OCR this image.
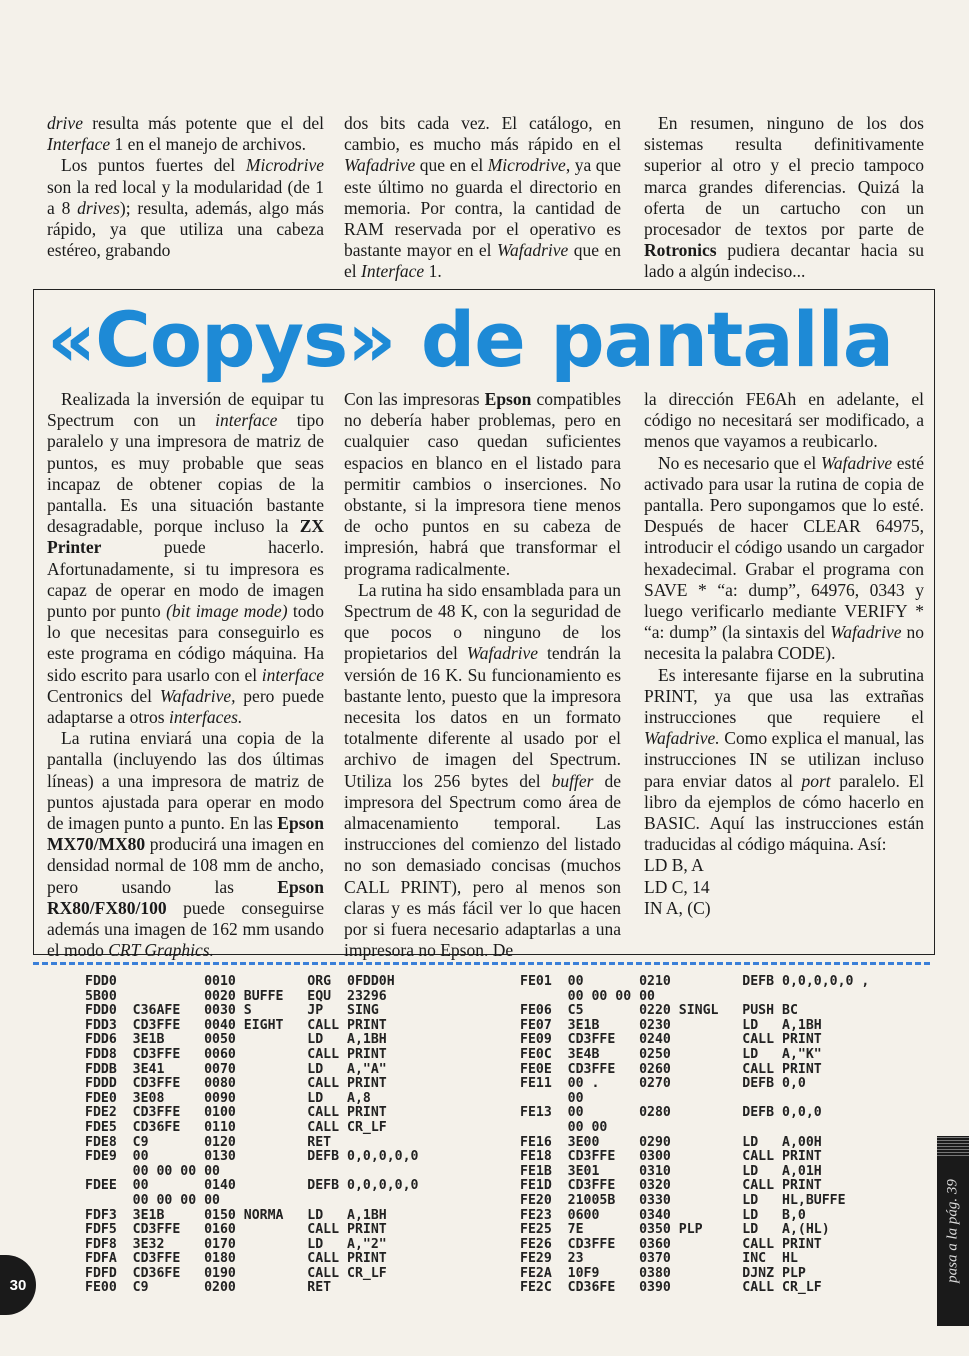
drive resulta más potente que el del Interface 1 en el manejo de archivos.

Los puntos fuertes del Microdrive son la red local y la modularidad (de 1 a 8 drives); resulta, además, algo más rápido, ya que utiliza una cabeza estéreo, grabando

dos bits cada vez. El catálogo, en cambio, es mucho más rápido en el Wafadrive que en el Microdrive, ya que este último no guarda el directorio en memoria. Por contra, la cantidad de RAM reservada por el operativo es bastante mayor en el Wafadrive que en el Interface 1.

En resumen, ninguno de los dos sistemas resulta definitivamente superior al otro y el precio tampoco marca grandes diferencias. Quizá la oferta de un cartucho con un procesador de textos por parte de Rotronics pudiera decantar hacia su lado a algún indeciso...

«Copys» de pantalla

Realizada la inversión de equipar tu Spectrum con un interface tipo paralelo y una impresora de matriz de puntos, es muy probable que seas incapaz de obtener copias de la pantalla. Es una situación bastante desagradable, porque incluso la ZX Printer puede hacerlo. Afortunadamente, si tu impresora es capaz de operar en modo de imagen punto por punto (bit image mode) todo lo que necesitas para conseguirlo es este programa en código máquina. Ha sido escrito para usarlo con el interface Centronics del Wafadrive, pero puede adaptarse a otros interfaces.

La rutina enviará una copia de la pantalla (incluyendo las dos últimas líneas) a una impresora de matriz de puntos ajustada para operar en modo de imagen punto a punto. En las Epson MX70/MX80 producirá una imagen en densidad normal de 108 mm de ancho, pero usando las Epson RX80/FX80/100 puede conseguirse además una imagen de 162 mm usando el modo CRT Graphics.

Con las impresoras Epson compatibles no debería haber problemas, pero en cualquier caso quedan suficientes espacios en blanco en el listado para permitir cambios o inserciones. No obstante, si la impresora tiene menos de ocho puntos en su cabeza de impresión, habrá que transformar el programa radicalmente.

La rutina ha sido ensamblada para un Spectrum de 48 K, con la seguridad de que pocos o ninguno de los propietarios del Wafadrive tendrán la versión de 16 K. Su funcionamiento es bastante lento, puesto que la impresora necesita los datos en un formato totalmente diferente al usado por el archivo de imagen del Spectrum. Utiliza los 256 bytes del buffer de impresora del Spectrum como área de almacenamiento temporal. Las instrucciones del comienzo del listado no son demasiado concisas (muchos CALL PRINT), pero al menos son claras y es más fácil ver lo que hacen por si fuera necesario adaptarlas a una impresora no Epson. De

la dirección FE6Ah en adelante, el código no necesitará ser modificado, a menos que vayamos a reubicarlo.

No es necesario que el Wafadrive esté activado para usar la rutina de copia de pantalla. Pero supongamos que lo esté. Después de hacer CLEAR 64975, introducir el código usando un cargador hexadecimal. Grabar el programa con SAVE * “a: dump”, 64976, 0343 y luego verificarlo mediante VERIFY * “a: dump” (la sintaxis del Wafadrive no necesita la palabra CODE).

Es interesante fijarse en la subrutina PRINT, ya que usa las extrañas instrucciones que requiere el Wafadrive. Como explica el manual, las instrucciones IN se utilizan incluso para enviar datos al port paralelo. El libro da ejemplos de cómo hacerlo en BASIC. Aquí las instrucciones están traducidas al código máquina. Así:

LD B, A

LD C, 14

IN A, (C)

FDD0           0010         ORG  0FDD0H
5B00           0020 BUFFE   EQU  23296
FDD0  C36AFE   0030 S       JP   SING
FDD3  CD3FFE   0040 EIGHT   CALL PRINT
FDD6  3E1B     0050         LD   A,1BH
FDD8  CD3FFE   0060         CALL PRINT
FDDB  3E41     0070         LD   A,"A"
FDDD  CD3FFE   0080         CALL PRINT
FDE0  3E08     0090         LD   A,8
FDE2  CD3FFE   0100         CALL PRINT
FDE5  CD36FE   0110         CALL CR_LF
FDE8  C9       0120         RET
FDE9  00       0130         DEFB 0,0,0,0,0
00 00 00 00
FDEE  00       0140         DEFB 0,0,0,0,0
00 00 00 00
FDF3  3E1B     0150 NORMA   LD   A,1BH
FDF5  CD3FFE   0160         CALL PRINT
FDF8  3E32     0170         LD   A,"2"
FDFA  CD3FFE   0180         CALL PRINT
FDFD  CD36FE   0190         CALL CR_LF
FE00  C9       0200         RET
FE01  00       0210         DEFB 0,0,0,0,0 ,
00 00 00 00
FE06  C5       0220 SINGL   PUSH BC
FE07  3E1B     0230         LD   A,1BH
FE09  CD3FFE   0240         CALL PRINT
FE0C  3E4B     0250         LD   A,"K"
FE0E  CD3FFE   0260         CALL PRINT
FE11  00 .     0270         DEFB 0,0
00
FE13  00       0280         DEFB 0,0,0
00 00
FE16  3E00     0290         LD   A,00H
FE18  CD3FFE   0300         CALL PRINT
FE1B  3E01     0310         LD   A,01H
FE1D  CD3FFE   0320         CALL PRINT
FE20  21005B   0330         LD   HL,BUFFE
FE23  0600     0340         LD   B,0
FE25  7E       0350 PLP     LD   A,(HL)
FE26  CD3FFE   0360         CALL PRINT
FE29  23       0370         INC  HL
FE2A  10F9     0380         DJNZ PLP
FE2C  CD36FE   0390         CALL CR_LF
30
pasa a la pág. 39
